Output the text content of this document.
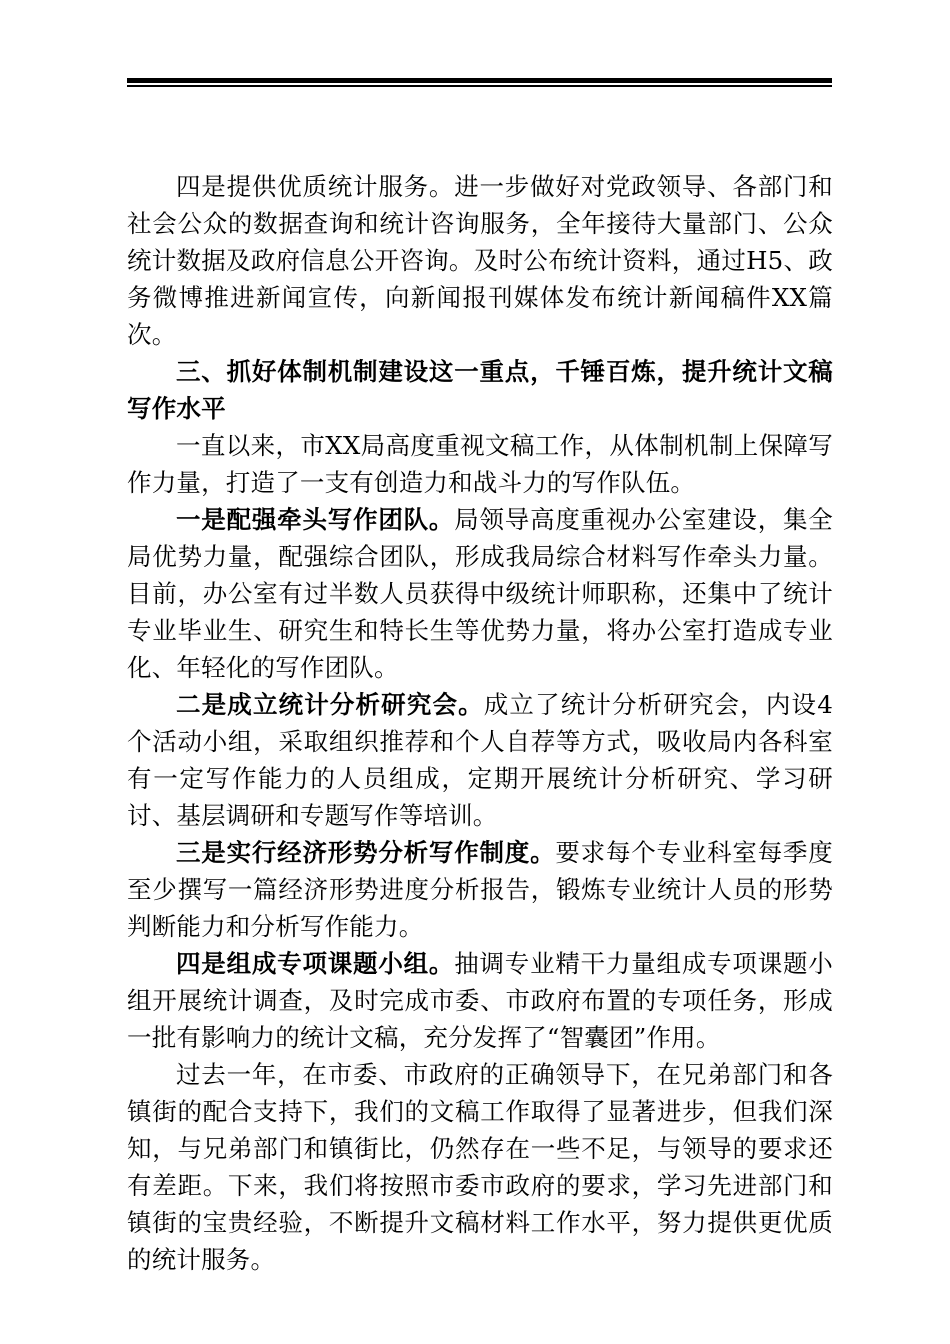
四是提供优质统计服务。进一步做好对党政领导、各部门和社会公众的数据查询和统计咨询服务，全年接待大量部门、公众统计数据及政府信息公开咨询。及时公布统计资料，通过H5、政务微博推进新闻宣传，向新闻报刊媒体发布统计新闻稿件XX篇次。

三、抓好体制机制建设这一重点，千锤百炼，提升统计文稿写作水平

一直以来，市XX局高度重视文稿工作，从体制机制上保障写作力量，打造了一支有创造力和战斗力的写作队伍。

一是配强牵头写作团队。局领导高度重视办公室建设，集全局优势力量，配强综合团队，形成我局综合材料写作牵头力量。目前，办公室有过半数人员获得中级统计师职称，还集中了统计专业毕业生、研究生和特长生等优势力量，将办公室打造成专业化、年轻化的写作团队。

二是成立统计分析研究会。成立了统计分析研究会，内设4个活动小组，采取组织推荐和个人自荐等方式，吸收局内各科室有一定写作能力的人员组成，定期开展统计分析研究、学习研讨、基层调研和专题写作等培训。

三是实行经济形势分析写作制度。要求每个专业科室每季度至少撰写一篇经济形势进度分析报告，锻炼专业统计人员的形势判断能力和分析写作能力。

四是组成专项课题小组。抽调专业精干力量组成专项课题小组开展统计调查，及时完成市委、市政府布置的专项任务，形成一批有影响力的统计文稿，充分发挥了“智囊团”作用。

过去一年，在市委、市政府的正确领导下，在兄弟部门和各镇街的配合支持下，我们的文稿工作取得了显著进步，但我们深知，与兄弟部门和镇街比，仍然存在一些不足，与领导的要求还有差距。下来，我们将按照市委市政府的要求，学习先进部门和镇街的宝贵经验，不断提升文稿材料工作水平，努力提供更优质的统计服务。
